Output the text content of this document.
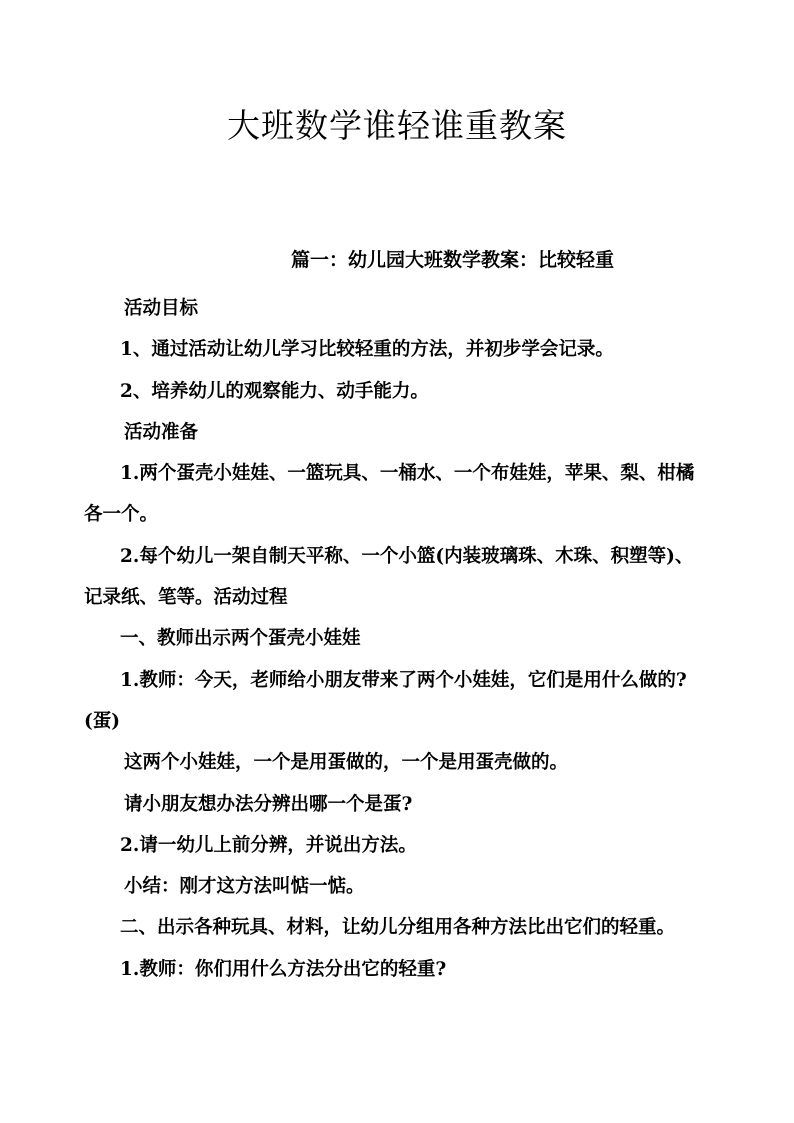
大班数学谁轻谁重教案
篇一：幼儿园大班数学教案：比较轻重

活动目标

1、通过活动让幼儿学习比较轻重的方法，并初步学会记录。

2、培养幼儿的观察能力、动手能力。

活动准备

1.两个蛋壳小娃娃、一篮玩具、一桶水、一个布娃娃，苹果、梨、柑橘各一个。

2.每个幼儿一架自制天平称、一个小篮(内装玻璃珠、木珠、积塑等)、记录纸、笔等。活动过程

一、教师出示两个蛋壳小娃娃

1.教师：今天，老师给小朋友带来了两个小娃娃，它们是用什么做的?(蛋)

这两个小娃娃，一个是用蛋做的，一个是用蛋壳做的。

请小朋友想办法分辨出哪一个是蛋?

2.请一幼儿上前分辨，并说出方法。

小结：刚才这方法叫惦一惦。

二、出示各种玩具、材料，让幼儿分组用各种方法比出它们的轻重。

1.教师：你们用什么方法分出它的轻重?
